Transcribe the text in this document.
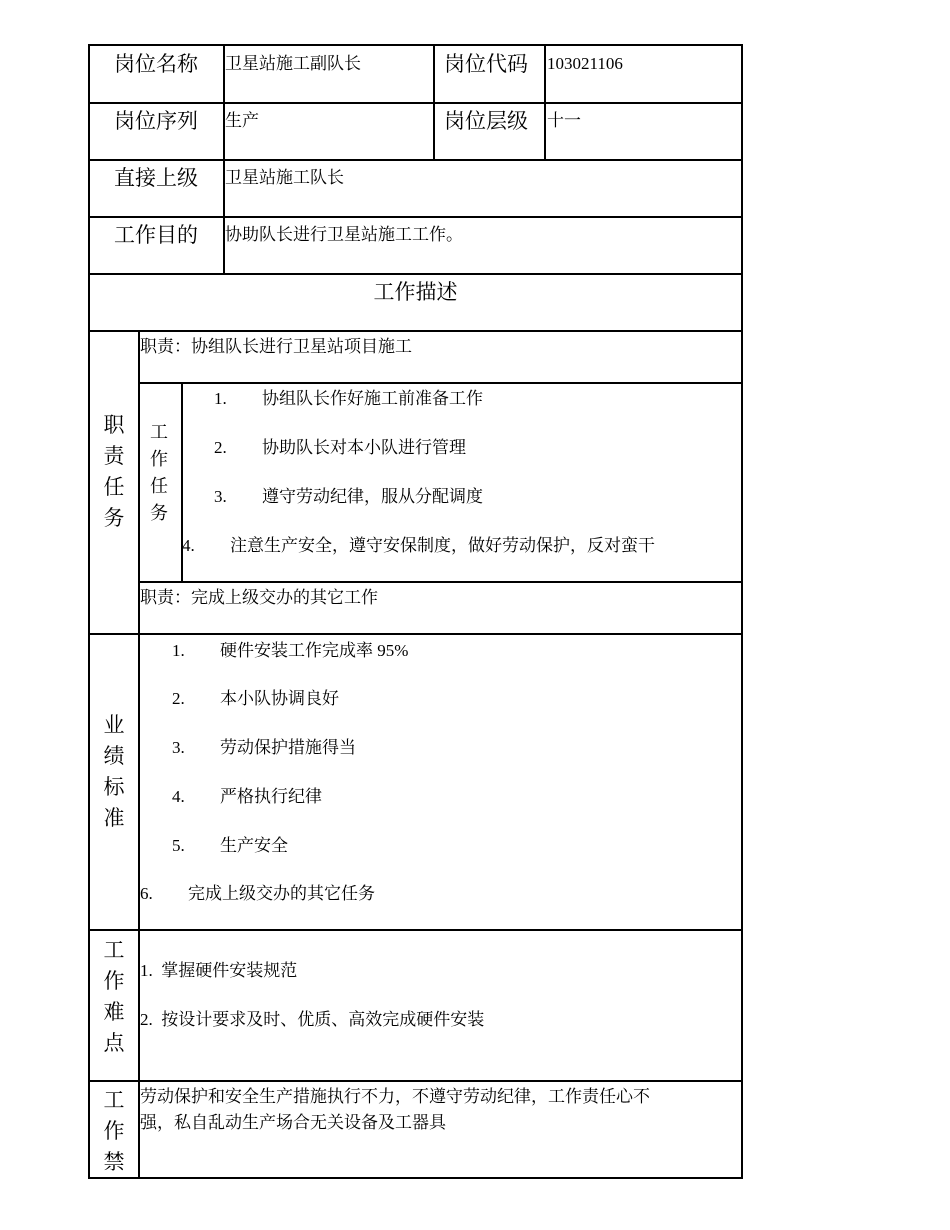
岗位名称 卫星站施工副队长	岗位代码 103021106
岗位序列 生产	岗位层级 十一
直接上级 卫星站施工队长
工作目的 协助队长进行卫星站施工工作。
工作描述
职
责
任
务
职责：协组队长进行卫星站项目施工
工
作
任
务
1. 协组队长作好施工前准备工作
2. 协助队长对本小队进行管理
3. 遵守劳动纪律，服从分配调度
4. 注意生产安全，遵守安保制度，做好劳动保护，反对蛮干
职责：完成上级交办的其它工作
业
绩
标
准
1. 硬件安装工作完成率 95%
2. 本小队协调良好
3. 劳动保护措施得当
4. 严格执行纪律
5. 生产安全
6. 完成上级交办的其它任务
工
作
难
点
1. 掌握硬件安装规范
2. 按设计要求及时、优质、高效完成硬件安装
工
作
禁
劳动保护和安全生产措施执行不力，不遵守劳动纪律，工作责任心不
强，私自乱动生产场合无关设备及工器具
